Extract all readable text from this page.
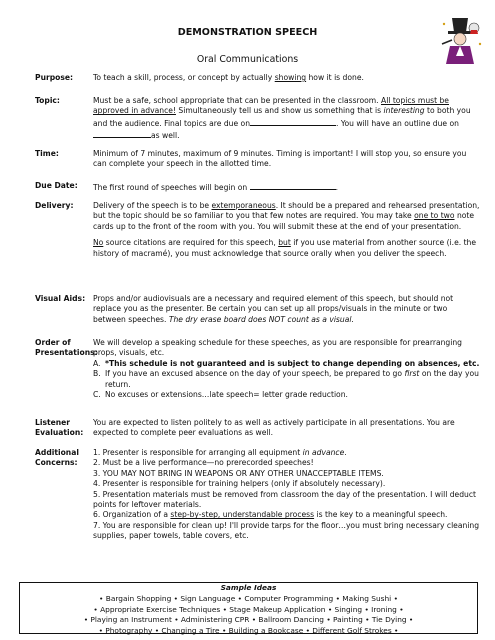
DEMONSTRATION SPEECH
Oral Communications
Purpose:	To teach a skill, process, or concept by actually showing how it is done.
Topic:	Must be a safe, school appropriate that can be presented in the classroom. All topics must be approved in advance! Simultaneously tell us and show us something that is interesting to both you and the audience. Final topics are due on	. You will have an outline due on as well.
Time:	Minimum of 7 minutes, maximum of 9 minutes. Timing is important! I will stop you, so ensure you can complete your speech in the allotted time.
Due Date:	The first round of speeches will begin on	.
Delivery:	Delivery of the speech is to be extemporaneous. It should be a prepared and rehearsed presentation, but the topic should be so familiar to you that few notes are required. You may take one to two note cards up to the front of the room with you. You will submit these at the end of your presentation.

No source citations are required for this speech, but if you use material from another source (i.e. the history of macramé), you must acknowledge that source orally when you deliver the speech.

Visual Aids:	Props and/or audiovisuals are a necessary and required element of this speech, but should not replace you as the presenter. Be certain you can set up all props/visuals in the minute or two between speeches. The dry erase board does NOT count as a visual.
Order of
Presentations:

We will develop a speaking schedule for these speeches, as you are responsible for prearranging props, visuals, etc.

A. *This schedule is not guaranteed and is subject to change depending on absences, etc.
B. If you have an excused absence on the day of your speech, be prepared to go first on the day you return.
C. No excuses or extensions…late speech= letter grade reduction.
Listener
Evaluation:
You are expected to listen politely to as well as actively participate in all presentations. You are expected to complete peer evaluations as well.
Additional
Concerns:
1. Presenter is responsible for arranging all equipment in advance.
2. Must be a live performance—no prerecorded speeches!
3. YOU MAY NOT BRING IN WEAPONS OR ANY OTHER UNACCEPTABLE ITEMS.
4. Presenter is responsible for training helpers (only if absolutely necessary).
5. Presentation materials must be removed from classroom the day of the presentation. I will deduct points for leftover materials.
6. Organization of a step-by-step, understandable process is the key to a meaningful speech.
7. You are responsible for clean up! I'll provide tarps for the floor…you must bring necessary cleaning supplies, paper towels, table covers, etc.
Sample Ideas
• Bargain Shopping • Sign Language • Computer Programming • Making Sushi •
• Appropriate Exercise Techniques • Stage Makeup Application • Singing • Ironing •
• Playing an Instrument • Administering CPR • Ballroom Dancing • Painting • Tie Dying •
• Photography • Changing a Tire • Building a Bookcase • Different Golf Strokes •
